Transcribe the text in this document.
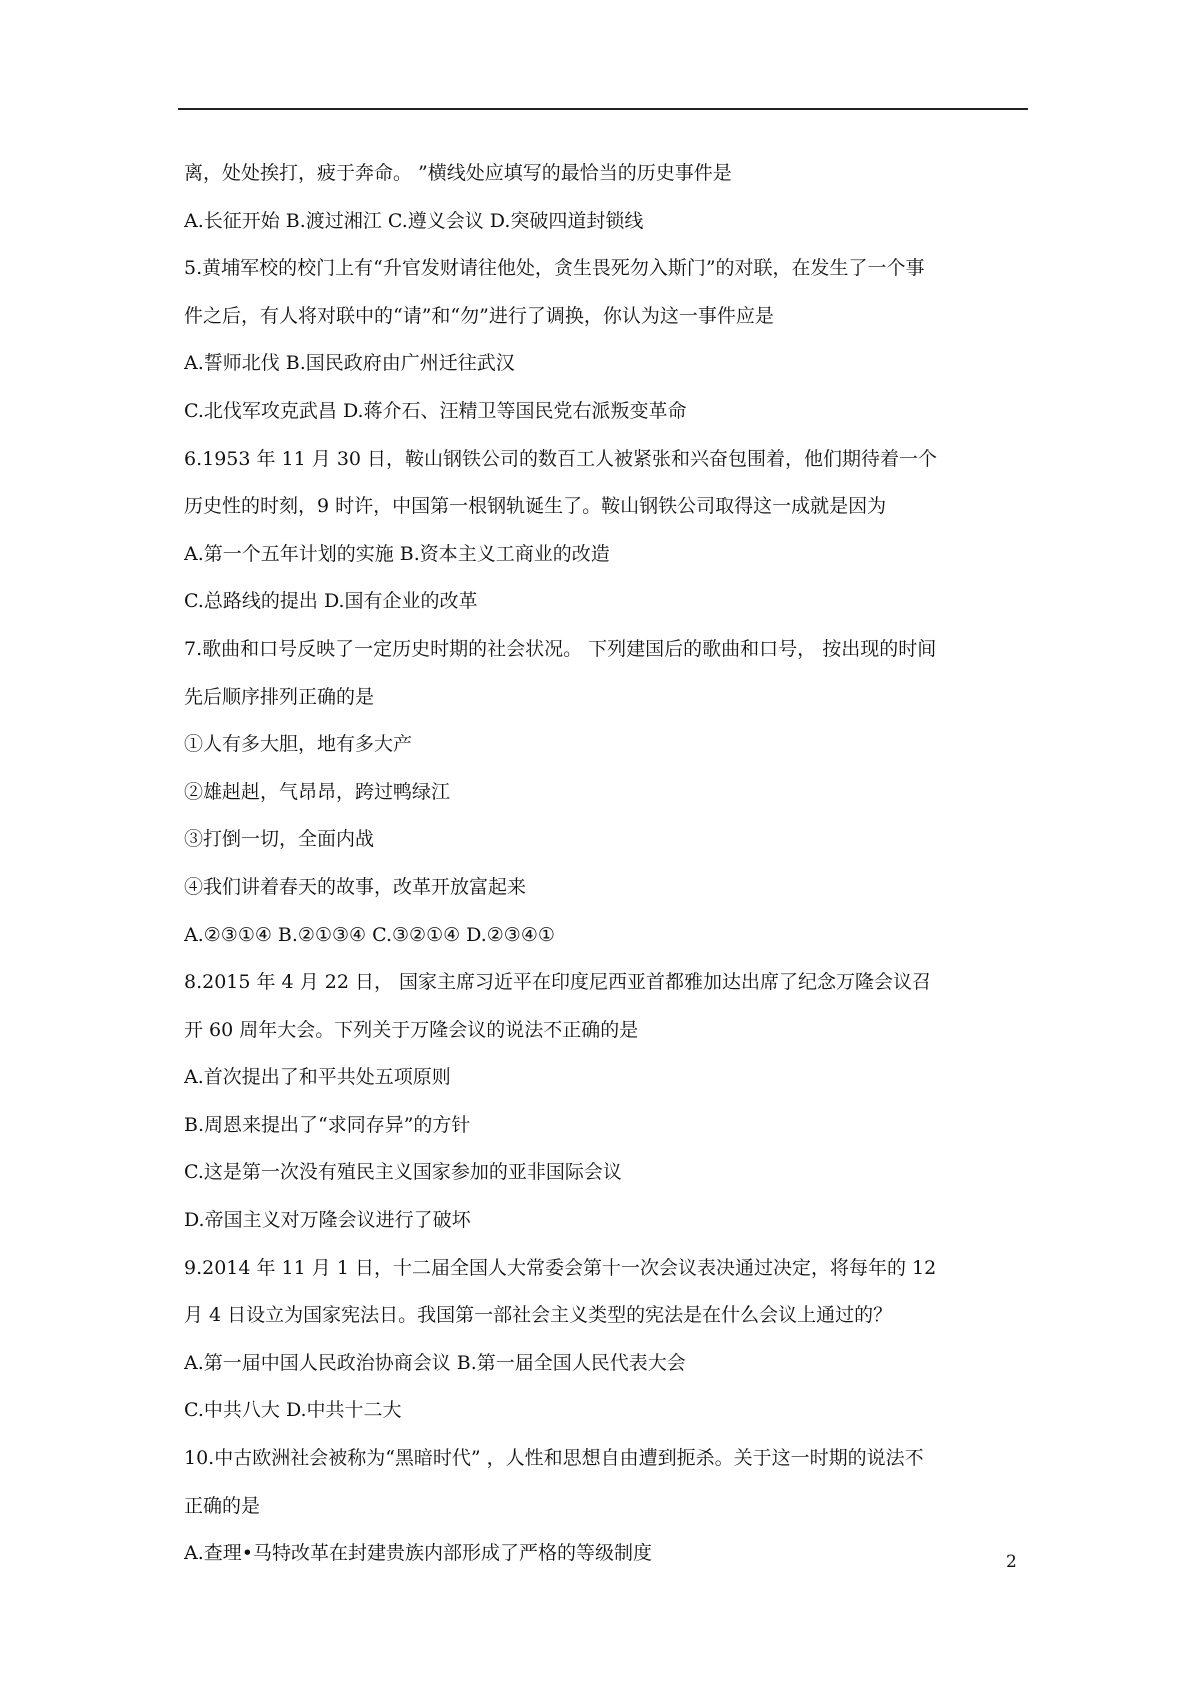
离，处处挨打，疲于奔命。 ”横线处应填写的最恰当的历史事件是
A.长征开始 B.渡过湘江 C.遵义会议 D.突破四道封锁线
5.黄埔军校的校门上有“升官发财请往他处，贪生畏死勿入斯门”的对联，在发生了一个事
件之后，有人将对联中的“请”和“勿”进行了调换，你认为这一事件应是
A.誓师北伐 B.国民政府由广州迁往武汉
C.北伐军攻克武昌 D.蒋介石、汪精卫等国民党右派叛变革命
6.1953 年 11 月 30 日，鞍山钢铁公司的数百工人被紧张和兴奋包围着，他们期待着一个
历史性的时刻，9 时许，中国第一根钢轨诞生了。鞍山钢铁公司取得这一成就是因为
A.第一个五年计划的实施 B.资本主义工商业的改造
C.总路线的提出 D.国有企业的改革
7.歌曲和口号反映了一定历史时期的社会状况。 下列建国后的歌曲和口号， 按出现的时间
先后顺序排列正确的是
①人有多大胆，地有多大产
②雄赳赳，气昂昂，跨过鸭绿江
③打倒一切，全面内战
④我们讲着春天的故事，改革开放富起来
A.②③①④ B.②①③④ C.③②①④ D.②③④①
8.2015 年 4 月 22 日， 国家主席习近平在印度尼西亚首都雅加达出席了纪念万隆会议召
开 60 周年大会。下列关于万隆会议的说法不正确的是
A.首次提出了和平共处五项原则
B.周恩来提出了“求同存异”的方针
C.这是第一次没有殖民主义国家参加的亚非国际会议
D.帝国主义对万隆会议进行了破坏
9.2014 年 11 月 1 日，十二届全国人大常委会第十一次会议表决通过决定，将每年的 12
月 4 日设立为国家宪法日。我国第一部社会主义类型的宪法是在什么会议上通过的？
A.第一届中国人民政治协商会议 B.第一届全国人民代表大会
C.中共八大 D.中共十二大
10.中古欧洲社会被称为“黑暗时代” ，人性和思想自由遭到扼杀。关于这一时期的说法不
正确的是
A.查理•马特改革在封建贵族内部形成了严格的等级制度	2
